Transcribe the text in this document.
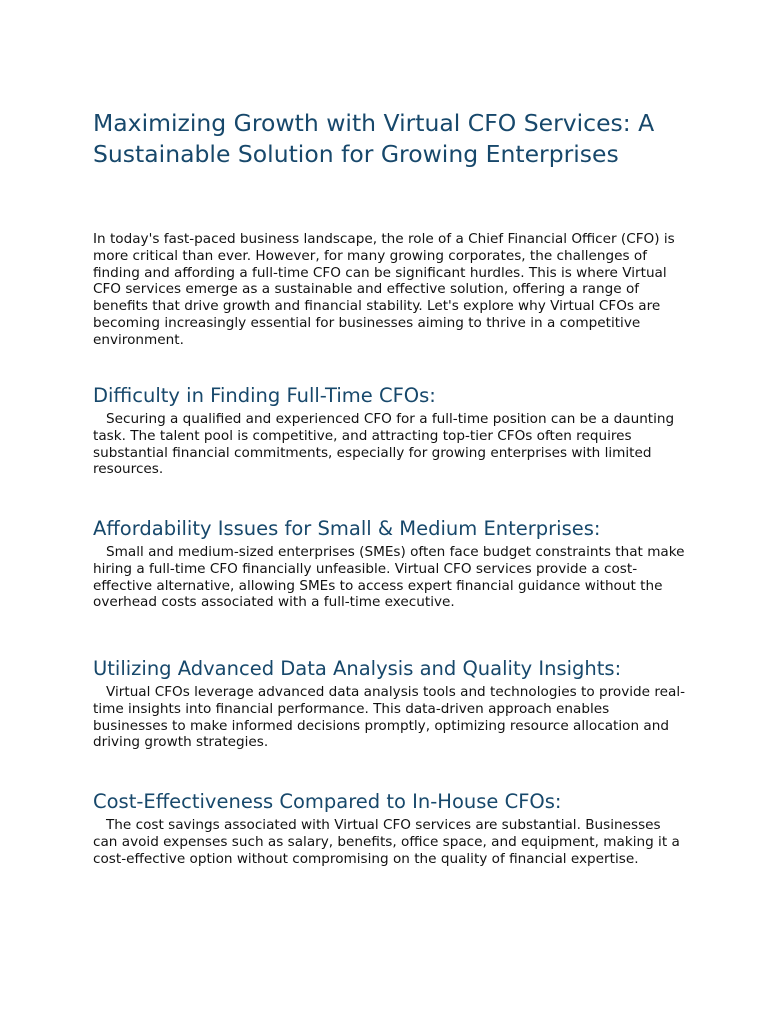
Maximizing Growth with Virtual CFO Services: A Sustainable Solution for Growing Enterprises

In today's fast-paced business landscape, the role of a Chief Financial Officer (CFO) is more critical than ever. However, for many growing corporates, the challenges of finding and affording a full-time CFO can be significant hurdles. This is where Virtual CFO services emerge as a sustainable and effective solution, offering a range of benefits that drive growth and financial stability. Let's explore why Virtual CFOs are becoming increasingly essential for businesses aiming to thrive in a competitive environment.

Difficulty in Finding Full-Time CFOs:

Securing a qualified and experienced CFO for a full-time position can be a daunting task. The talent pool is competitive, and attracting top-tier CFOs often requires substantial financial commitments, especially for growing enterprises with limited resources.

Affordability Issues for Small & Medium Enterprises:

Small and medium-sized enterprises (SMEs) often face budget constraints that make hiring a full-time CFO financially unfeasible. Virtual CFO services provide a cost-effective alternative, allowing SMEs to access expert financial guidance without the overhead costs associated with a full-time executive.

Utilizing Advanced Data Analysis and Quality Insights:

Virtual CFOs leverage advanced data analysis tools and technologies to provide real-time insights into financial performance. This data-driven approach enables businesses to make informed decisions promptly, optimizing resource allocation and driving growth strategies.

Cost-Effectiveness Compared to In-House CFOs:

The cost savings associated with Virtual CFO services are substantial. Businesses can avoid expenses such as salary, benefits, office space, and equipment, making it a cost-effective option without compromising on the quality of financial expertise.
